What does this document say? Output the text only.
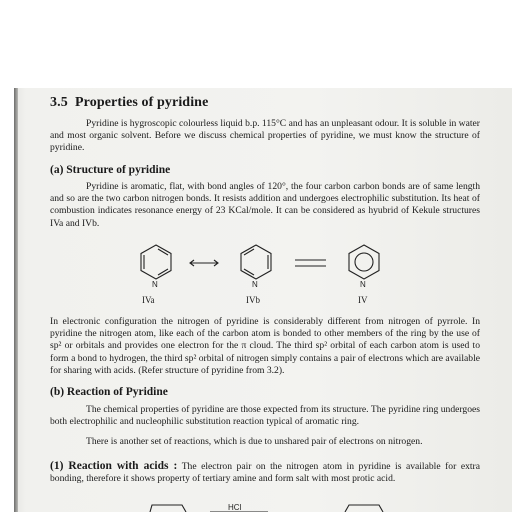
3.5 Properties of pyridine
Pyridine is hygroscopic colourless liquid b.p. 115°C and has an unpleasant odour. It is soluble in water and most organic solvent. Before we discuss chemical properties of pyridine, we must know the structure of pyridine.
(a) Structure of pyridine
Pyridine is aromatic, flat, with bond angles of 120°, the four carbon carbon bonds are of same length and so are the two carbon nitrogen bonds. It resists addition and undergoes electrophilic substitution. Its heat of combustion indicates resonance energy of 23 KCal/mole. It can be considered as hyubrid of Kekule structures IVa and IVb.
N	N	N
HCl
IVa	IVb	IV
In electronic configuration the nitrogen of pyridine is considerably different from nitrogen of pyrrole. In pyridine the nitrogen atom, like each of the carbon atom is bonded to other members of the ring by the use of sp² or orbitals and provides one electron for the π cloud. The third sp² orbital of each carbon atom is used to form a bond to hydrogen, the third sp² orbital of nitrogen simply contains a pair of electrons which are available for sharing with acids. (Refer structure of pyridine from 3.2).
(b) Reaction of Pyridine
The chemical properties of pyridine are those expected from its structure. The pyridine ring undergoes both electrophilic and nucleophilic substitution reaction typical of aromatic ring.
There is another set of reactions, which is due to unshared pair of electrons on nitrogen.
(1) Reaction with acids : The electron pair on the nitrogen atom in pyridine is available for extra bonding, therefore it shows property of tertiary amine and form salt with most protic acid.
